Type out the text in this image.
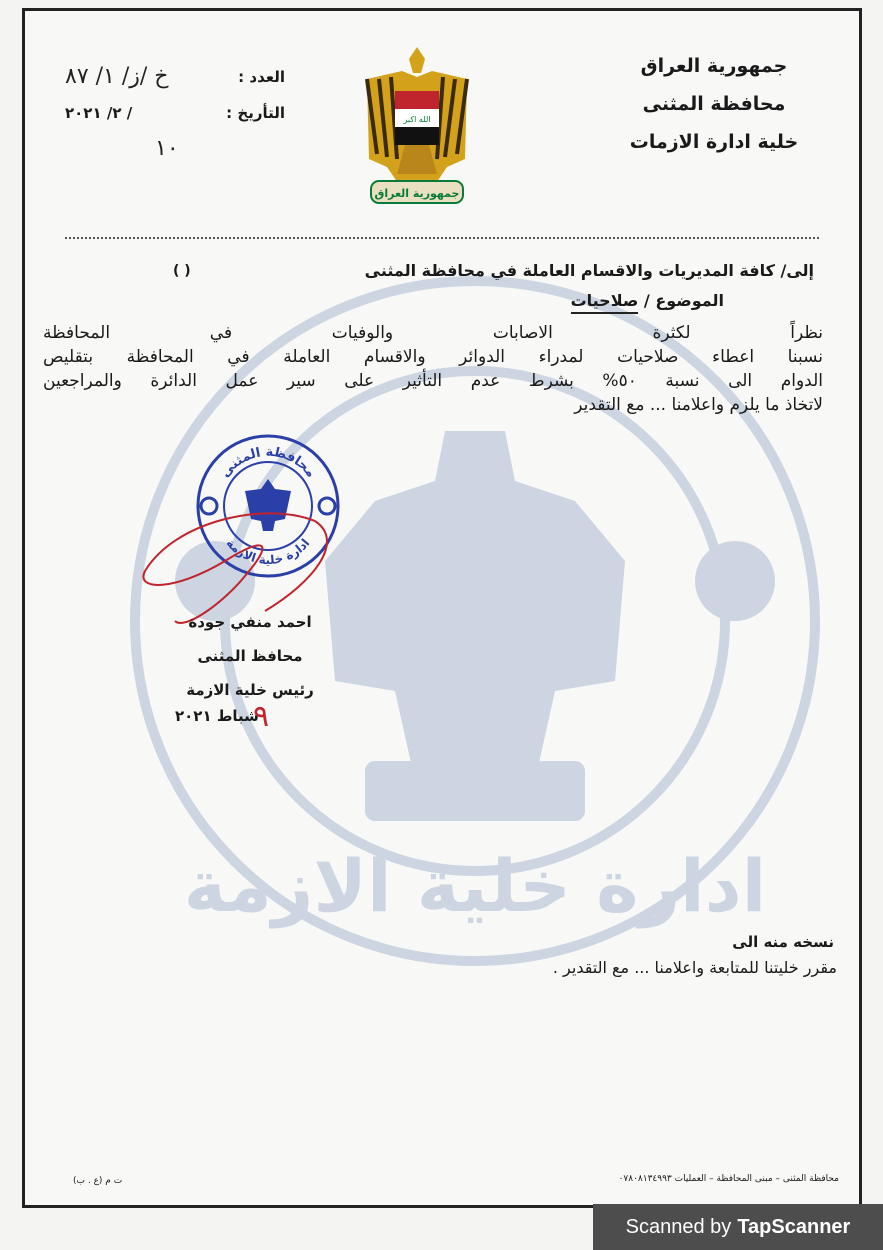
ادارة خلية الازمة
جمهورية العراق
محافظة المثنى
خلية ادارة الازمات
الله اكبر
جمهورية العراق
العدد :
خ /ز/ ١/ ٨٧
التأريخ :
/ ٢/ ٢٠٢١
١٠
إلى/ كافة المديريات والاقسام العاملة في محافظة المثنى
( )
الموضوع / صلاحيات

نظراً لكثرة الاصابات والوفيات في المحافظة

نسبنا اعطاء صلاحيات لمدراء الدوائر والاقسام العاملة في المحافظة بتقليص

الدوام الى نسبة ٥٠% بشرط عدم التأثير على سير عمل الدائرة والمراجعين

لاتخاذ ما يلزم واعلامنا ... مع التقدير

محافظة المثنى
ادارة خلية الازمة
احمد منفي جودة
محافظ المثنى
رئيس خلية الازمة
شباط ٢٠٢١
٩
نسخه منه الى
مقرر خليتنا للمتابعة واعلامنا ... مع التقدير .
محافظة المثنى – مبنى المحافظة – العمليات ٠٧٨٠٨١٣٤٩٩٣
ت م (ع . ب)
Scanned by TapScanner
